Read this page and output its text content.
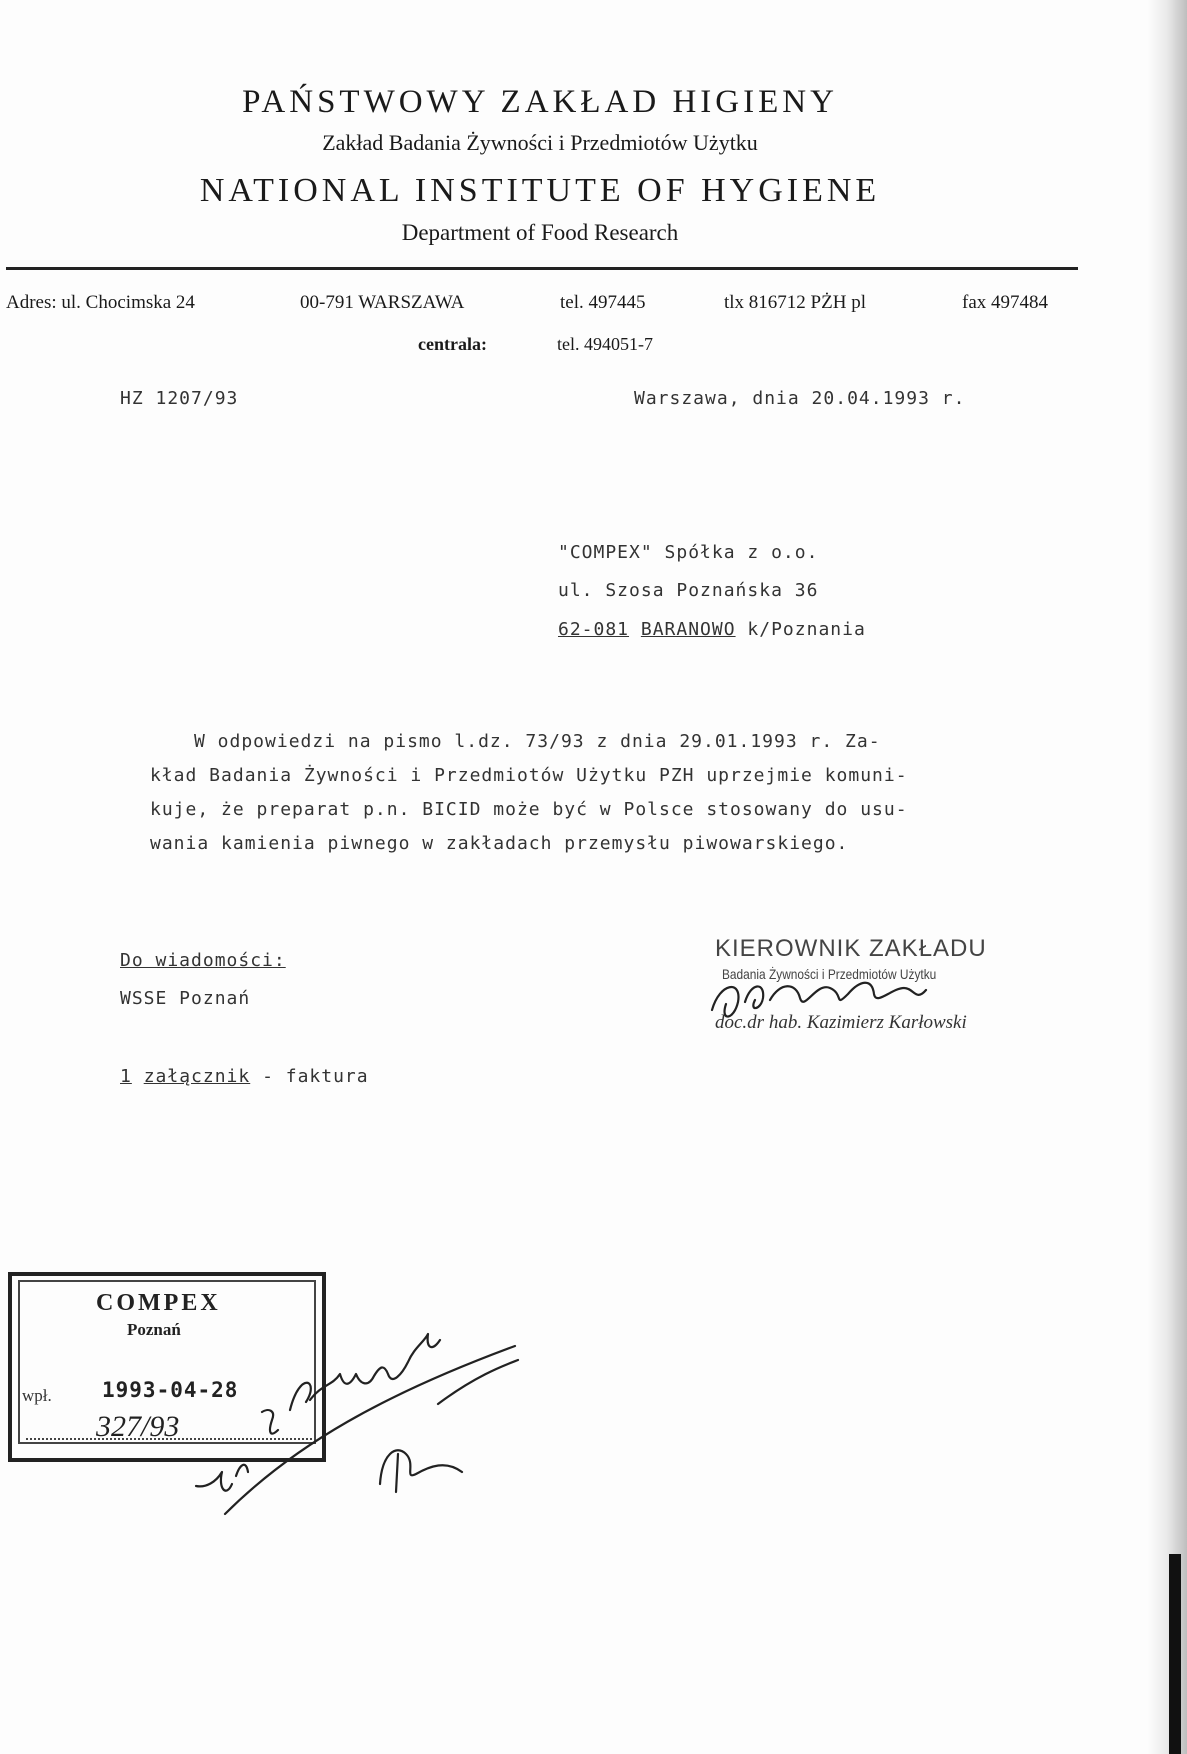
PAŃSTWOWY ZAKŁAD HIGIENY
Zakład Badania Żywności i Przedmiotów Użytku
NATIONAL INSTITUTE OF HYGIENE
Department of Food Research
Adres: ul. Chocimska 24	00-791 WARSZAWA	tel. 497445	tlx 816712 PŻH pl	fax 497484
centrala:	tel. 494051-7
HZ 1207/93	Warszawa, dnia 20.04.1993 r.
"COMPEX" Spółka z o.o.
ul. Szosa Poznańska 36
62-081 BARANOWO k/Poznania
W odpowiedzi na pismo l.dz. 73/93 z dnia 29.01.1993 r. Za-
kład Badania Żywności i Przedmiotów Użytku PZH uprzejmie komuni-
kuje, że preparat p.n. BICID może być w Polsce stosowany do usu-
wania kamienia piwnego w zakładach przemysłu piwowarskiego.
Do wiadomości:
WSSE Poznań
1 załącznik - faktura
KIEROWNIK ZAKŁADU
Badania Żywności i Przedmiotów Użytku
doc.dr hab. Kazimierz Karłowski
COMPEX
Poznań
wpł. 1993-04-28
327/93
